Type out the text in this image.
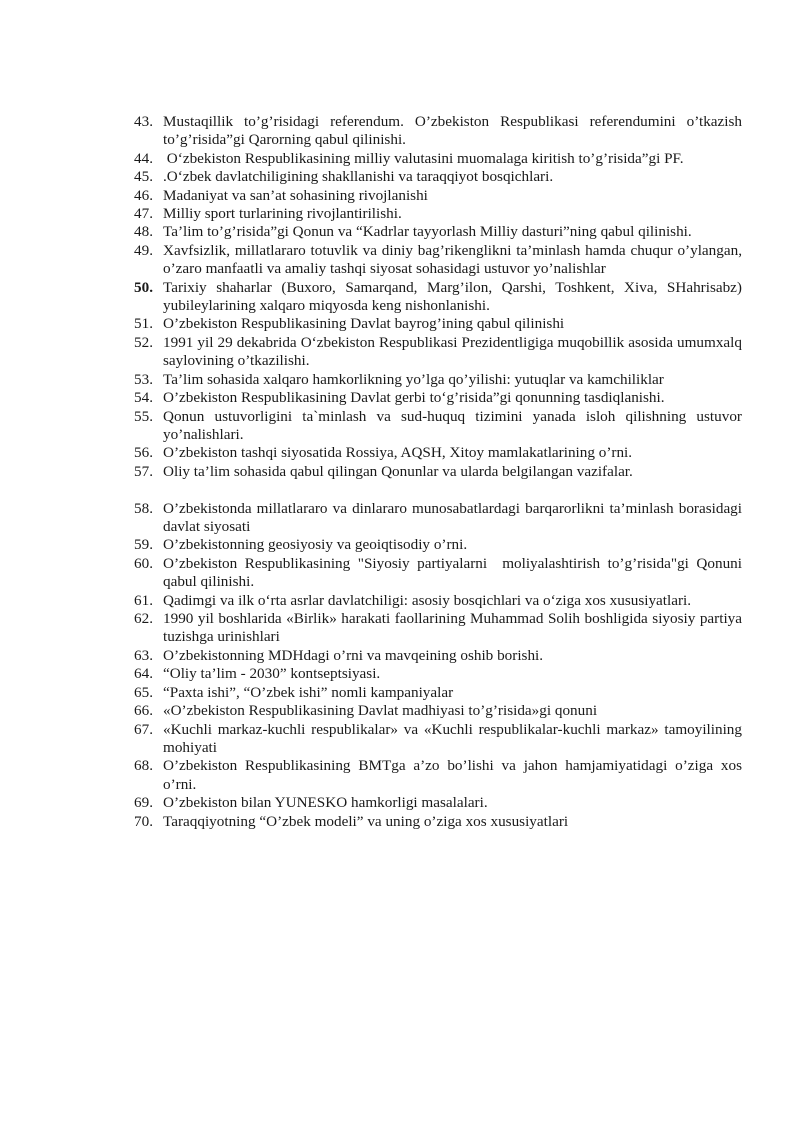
43. Mustaqillik to’g’risidagi referendum. O’zbekiston Respublikasi referendumini o’tkazish to’g’risida”gi Qarorning qabul qilinishi.
44. O‘zbekiston Respublikasining milliy valutasini muomalaga kiritish to’g’risida”gi PF.
45. .O‘zbek davlatchiligining shakllanishi va taraqqiyot bosqichlari.
46. Madaniyat va san’at sohasining rivojlanishi
47. Milliy sport turlarining rivojlantirilishi.
48. Ta’lim to’g’risida”gi Qonun va “Kadrlar tayyorlash Milliy dasturi”ning qabul qilinishi.
49. Xavfsizlik, millatlararo totuvlik va diniy bag’rikenglikni ta’minlash hamda chuqur o’ylangan, o’zaro manfaatli va amaliy tashqi siyosat sohasidagi ustuvor yo’nalishlar
50. Tarixiy shaharlar (Buxoro, Samarqand, Marg’ilon, Qarshi, Toshkent, Xiva, SHahrisabz) yubileylarining xalqaro miqyosda keng nishonlanishi.
51. O’zbekiston Respublikasining Davlat bayrog’ining qabul qilinishi
52. 1991 yil 29 dekabrida O‘zbekiston Respublikasi Prezidentligiga muqobillik asosida umumxalq saylovining o’tkazilishi.
53. Ta’lim sohasida xalqaro hamkorlikning yo’lga qo’yilishi: yutuqlar va kamchiliklar
54. O’zbekiston Respublikasining Davlat gerbi to‘g’risida”gi qonunning tasdiqlanishi.
55. Qonun ustuvorligini ta`minlash va sud-huquq tizimini yanada isloh qilishning ustuvor yo’nalishlari.
56. O’zbekiston tashqi siyosatida Rossiya, AQSH, Xitoy mamlakatlarining o’rni.
57. Oliy ta’lim sohasida qabul qilingan Qonunlar va ularda belgilangan vazifalar.
58. O’zbekistonda millatlararo va dinlararo munosabatlardagi barqarorlikni ta’minlash borasidagi davlat siyosati
59. O’zbekistonning geosiyosiy va geoiqtisodiy o’rni.
60. O’zbekiston Respublikasining "Siyosiy partiyalarni  moliyalashtirish to’g’risida"gi Qonuni qabul qilinishi.
61. Qadimgi va ilk o‘rta asrlar davlatchiligi: asosiy bosqichlari va o‘ziga xos xususiyatlari.
62. 1990 yil boshlarida «Birlik» harakati faollarining Muhammad Solih boshligida siyosiy partiya tuzishga urinishlari
63. O’zbekistonning MDHdagi o’rni va mavqeining oshib borishi.
64. “Oliy ta’lim - 2030” kontseptsiyasi.
65. “Paxta ishi”, “O’zbek ishi” nomli kampaniyalar
66. «O’zbekiston Respublikasining Davlat madhiyasi to’g’risida»gi qonuni
67. «Kuchli markaz-kuchli respublikalar» va «Kuchli respublikalar-kuchli markaz» tamoyilining mohiyati
68. O’zbekiston Respublikasining BMTga a’zo bo’lishi va jahon hamjamiyatidagi o’ziga xos o’rni.
69. O’zbekiston bilan YUNESKO hamkorligi masalalari.
70. Taraqqiyotning “O’zbek modeli” va uning o’ziga xos xususiyatlari
